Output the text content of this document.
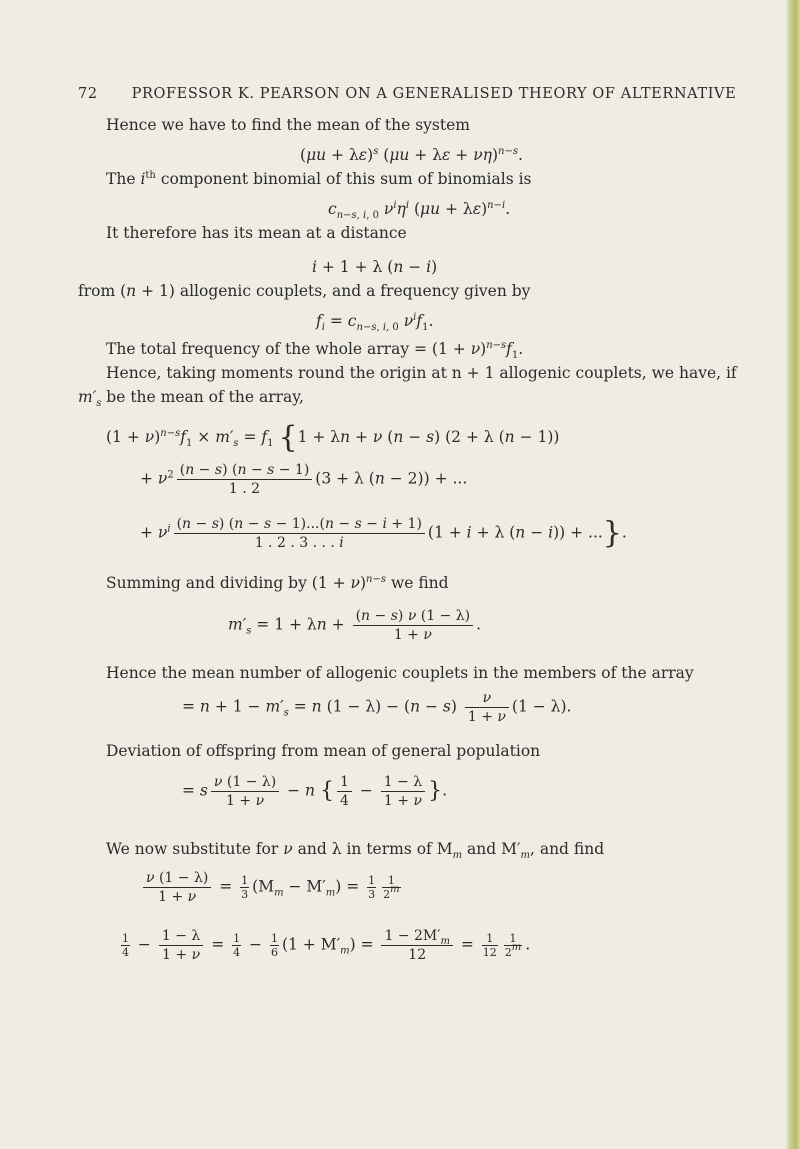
72 PROFESSOR K. PEARSON ON A GENERALISED THEORY OF ALTERNATIVE
Hence we have to find the mean of the system
$(\mu u + \lambda\varepsilon)^s$ $(\mu u + \lambda\varepsilon + \nu\eta)^{n-s}$.
The $i^{th}$ component binomial of this sum of binomials is
$c_{n-s, i, 0}$ $\nu^i\eta^i$ $(\mu u + \lambda\varepsilon)^{n-i}$.
It therefore has its mean at a distance
i + 1 + λ (n − i)
from (n + 1) allogenic couplets, and a frequency given by
$f_i = c_{n-s, i, 0}$ $\nu^if_1$.
The total frequency of the whole array = $(1 + \nu)^{n-s}f_1$.
Hence, taking moments round the origin at n + 1 allogenic couplets, we have, if
$m'_s$ be the mean of the array,
$(1 + \nu)^{n-s}f_1 \times m'_s = f_1$ {1 + λn + ν (n − s) (2 + λ (n − 1))
+ $\nu^2 \frac{(n - s) (n - s - 1)}{1 . 2} (3 + \lambda$ (n − 2)) + ...
+ $\nu^i \frac{(n - s) (n - s - 1)...(n - s - i + 1)}{1 . 2 . 3 . . . i} (1 + i + \lambda$ (n − i)) + ...}.
Summing and dividing by $(1 + \nu)^{n-s}$ we find
$m'_s = 1 + \lambda n + \frac{(n - s) \nu (1 - \lambda)}{1 + \nu}$ .
Hence the mean number of allogenic couplets in the members of the array
= $n + 1 - m'_s = n$ $(1 - \lambda) - (n - s) \frac{\nu}{1 + \nu} (1 - \lambda)$.
Deviation of offspring from mean of general population
= s $\frac{\nu (1 - \lambda)}{1 + \nu} - n$ { $\frac{1}{4} - \frac{1 - \lambda}{1 + \nu}$ }.
We now substitute for ν and λ in terms of $M_m$ and $M'_m$, and find
$\frac{\nu (1 - \lambda)}{1 + \nu} = \frac{1}{3} (M_m - M'_m) = \frac{1}{3} \frac{1}{2^m}$
$\frac{1}{4} - \frac{1 - \lambda}{1 + \nu} = \frac{1}{4} - \frac{1}{6} (1 + M'_m) = \frac{1 - 2M'_m}{12} = \frac{1}{12} \frac{1}{2^m}$ .
